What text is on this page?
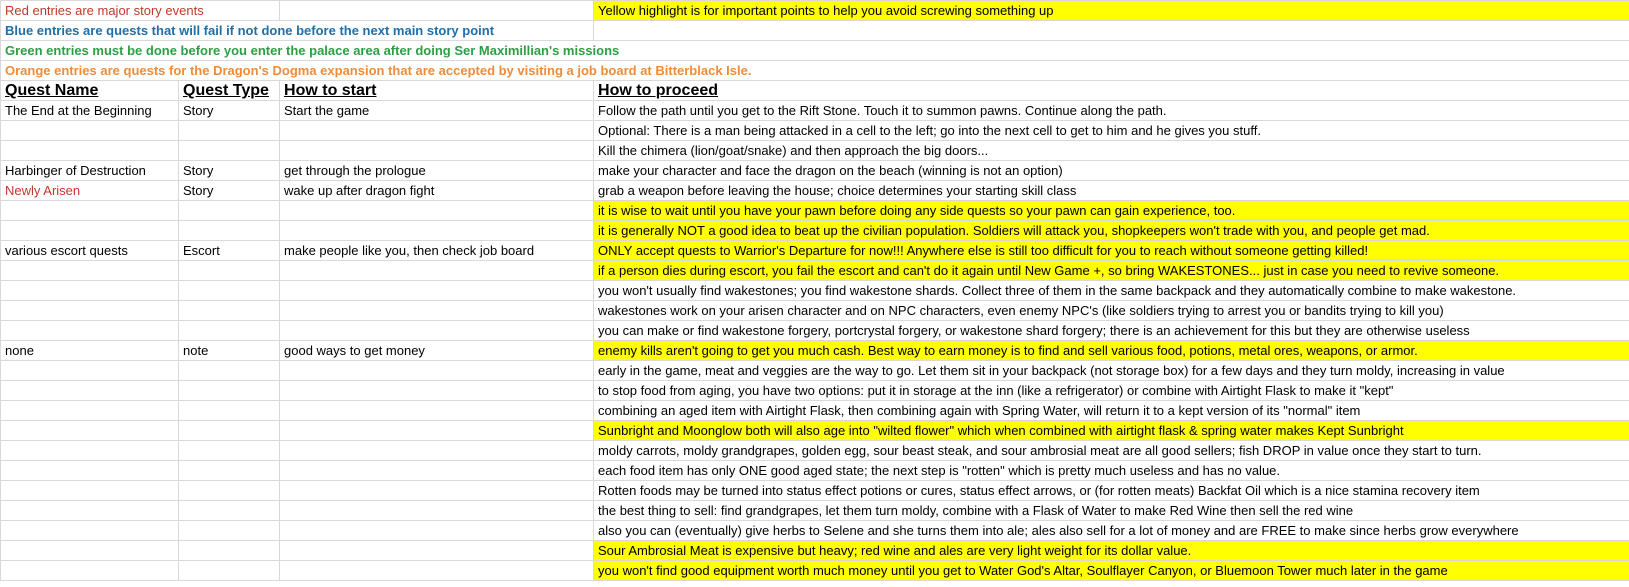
Red entries are major story events			Yellow highlight is for important points to help you avoid screwing something up
Blue entries are quests that will fail if not done before the next main story point			
Green entries must be done before you enter the palace area after doing Ser Maximillian's missions			
Orange entries are quests for the Dragon's Dogma expansion that are accepted by visiting a job board at Bitterblack Isle.			
Quest Name	Quest Type	How to start	How to proceed
The End at the Beginning	Story	Start the game	Follow the path until you get to the Rift Stone. Touch it to summon pawns. Continue along the path.
			Optional: There is a man being attacked in a cell to the left; go into the next cell to get to him and he gives you stuff.
			Kill the chimera (lion/goat/snake) and then approach the big doors...
Harbinger of Destruction	Story	get through the prologue	make your character and face the dragon on the beach (winning is not an option)
Newly Arisen	Story	wake up after dragon fight	grab a weapon before leaving the house; choice determines your starting skill class
			it is wise to wait until you have your pawn before doing any side quests so your pawn can gain experience, too.
			it is generally NOT a good idea to beat up the civilian population. Soldiers will attack you, shopkeepers won't trade with you, and people get mad.
various escort quests	Escort	make people like you, then check job board	ONLY accept quests to Warrior's Departure for now!!! Anywhere else is still too difficult for you to reach without someone getting killed!
			if a person dies during escort, you fail the escort and can't do it again until New Game +, so bring WAKESTONES... just in case you need to revive someone.
			you won't usually find wakestones; you find wakestone shards. Collect three of them in the same backpack and they automatically combine to make wakestone.
			wakestones work on your arisen character and on NPC characters, even enemy NPC's (like soldiers trying to arrest you or bandits trying to kill you)
			you can make or find wakestone forgery, portcrystal forgery, or wakestone shard forgery; there is an achievement for this but they are otherwise useless
none	note	good ways to get money	enemy kills aren't going to get you much cash. Best way to earn money is to find and sell various food, potions, metal ores, weapons, or armor.
			early in the game, meat and veggies are the way to go. Let them sit in your backpack (not storage box) for a few days and they turn moldy, increasing in value
			to stop food from aging, you have two options: put it in storage at the inn (like a refrigerator) or combine with Airtight Flask to make it "kept"
			combining an aged item with Airtight Flask, then combining again with Spring Water, will return it to a kept version of its "normal" item
			Sunbright and Moonglow both will also age into "wilted flower" which when combined with airtight flask & spring water makes Kept Sunbright
			moldy carrots, moldy grandgrapes, golden egg, sour beast steak, and sour ambrosial meat are all good sellers; fish DROP in value once they start to turn.
			each food item has only ONE good aged state; the next step is "rotten" which is pretty much useless and has no value.
			Rotten foods may be turned into status effect potions or cures, status effect arrows, or (for rotten meats) Backfat Oil which is a nice stamina recovery item
			the best thing to sell: find grandgrapes, let them turn moldy, combine with a Flask of Water to make Red Wine then sell the red wine
			also you can (eventually) give herbs to Selene and she turns them into ale; ales also sell for a lot of money and are FREE to make since herbs grow everywhere
			Sour Ambrosial Meat is expensive but heavy; red wine and ales are very light weight for its dollar value.
			you won't find good equipment worth much money until you get to Water God's Altar, Soulflayer Canyon, or Bluemoon Tower much later in the game
